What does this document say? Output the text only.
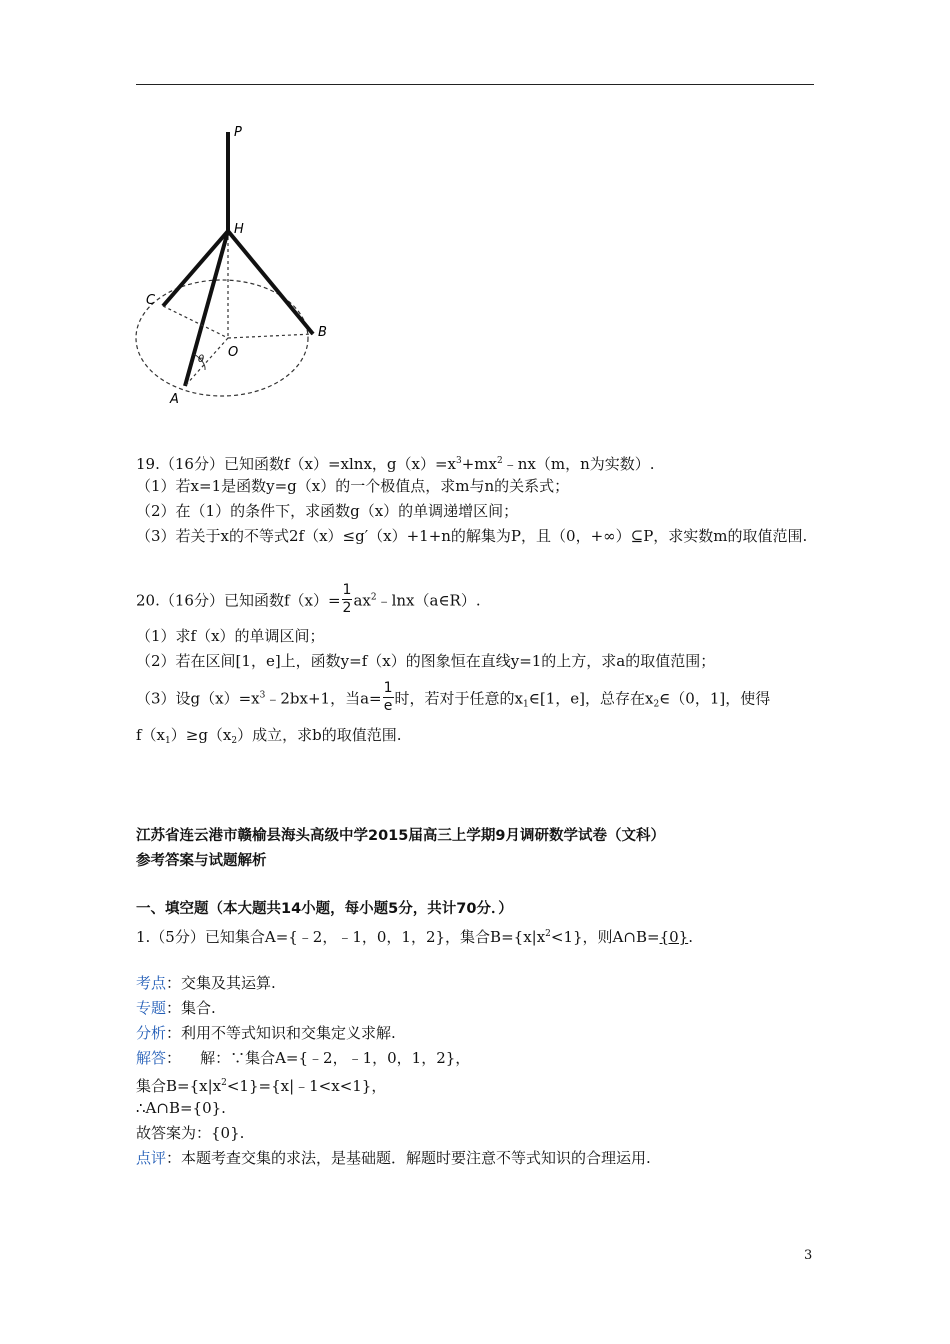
P
H
C
B
O
A
θ
19.（16分）已知函数f（x）=xlnx，$g(x)=x^3+mx^2﹣nx(m$，n为实数）.
（1）若x=1是函数y=g（x）的一个极值点，求m与n的关系式；
（2）在（1）的条件下，求函数g（x）的单调递增区间；
（3）若关于x的不等式2f（x）≤g′（x）+1+n的解集为P，且（0，+∞）⊆P，求实数m的取值范围.
20.（16分）已知函数$f(x)= \frac{1}{2}$ $ax^2﹣\ln x(a\in R)$.
（1）求f（x）的单调区间；
（2）若在区间[1，e]上，函数y=f（x）的图象恒在直线y=1的上方，求a的取值范围；
（3）设$g(x)=x^3﹣2bx+1$，当$a= \frac{1}{e}$ 时，若对于任意的$x_1\in[1$，e]，总存在$x_2\in(0$，1]，使得
$f(x_1)\ge g(x_2)$成立，求b的取值范围.
江苏省连云港市赣榆县海头高级中学2015届高三上学期9月调研数学试卷（文科）
参考答案与试题解析
一、填空题（本大题共14小题，每小题5分，共计70分．）
1.（5分）已知集合A={﹣2，﹣1，0，1，2}，集合$B=\{x|x^2<1\}$，则A∩B={0}.
考点：交集及其运算.
专题：集合.
分析：利用不等式知识和交集定义求解.
解答：    解：∵集合A={﹣2，﹣1，0，1，2}，
集合$B=\{x|x^2<1\}=\{x|﹣1<x<1\}$，
∴A∩B={0}.
故答案为：{0}.
点评：本题考查交集的求法，是基础题．解题时要注意不等式知识的合理运用.
3
